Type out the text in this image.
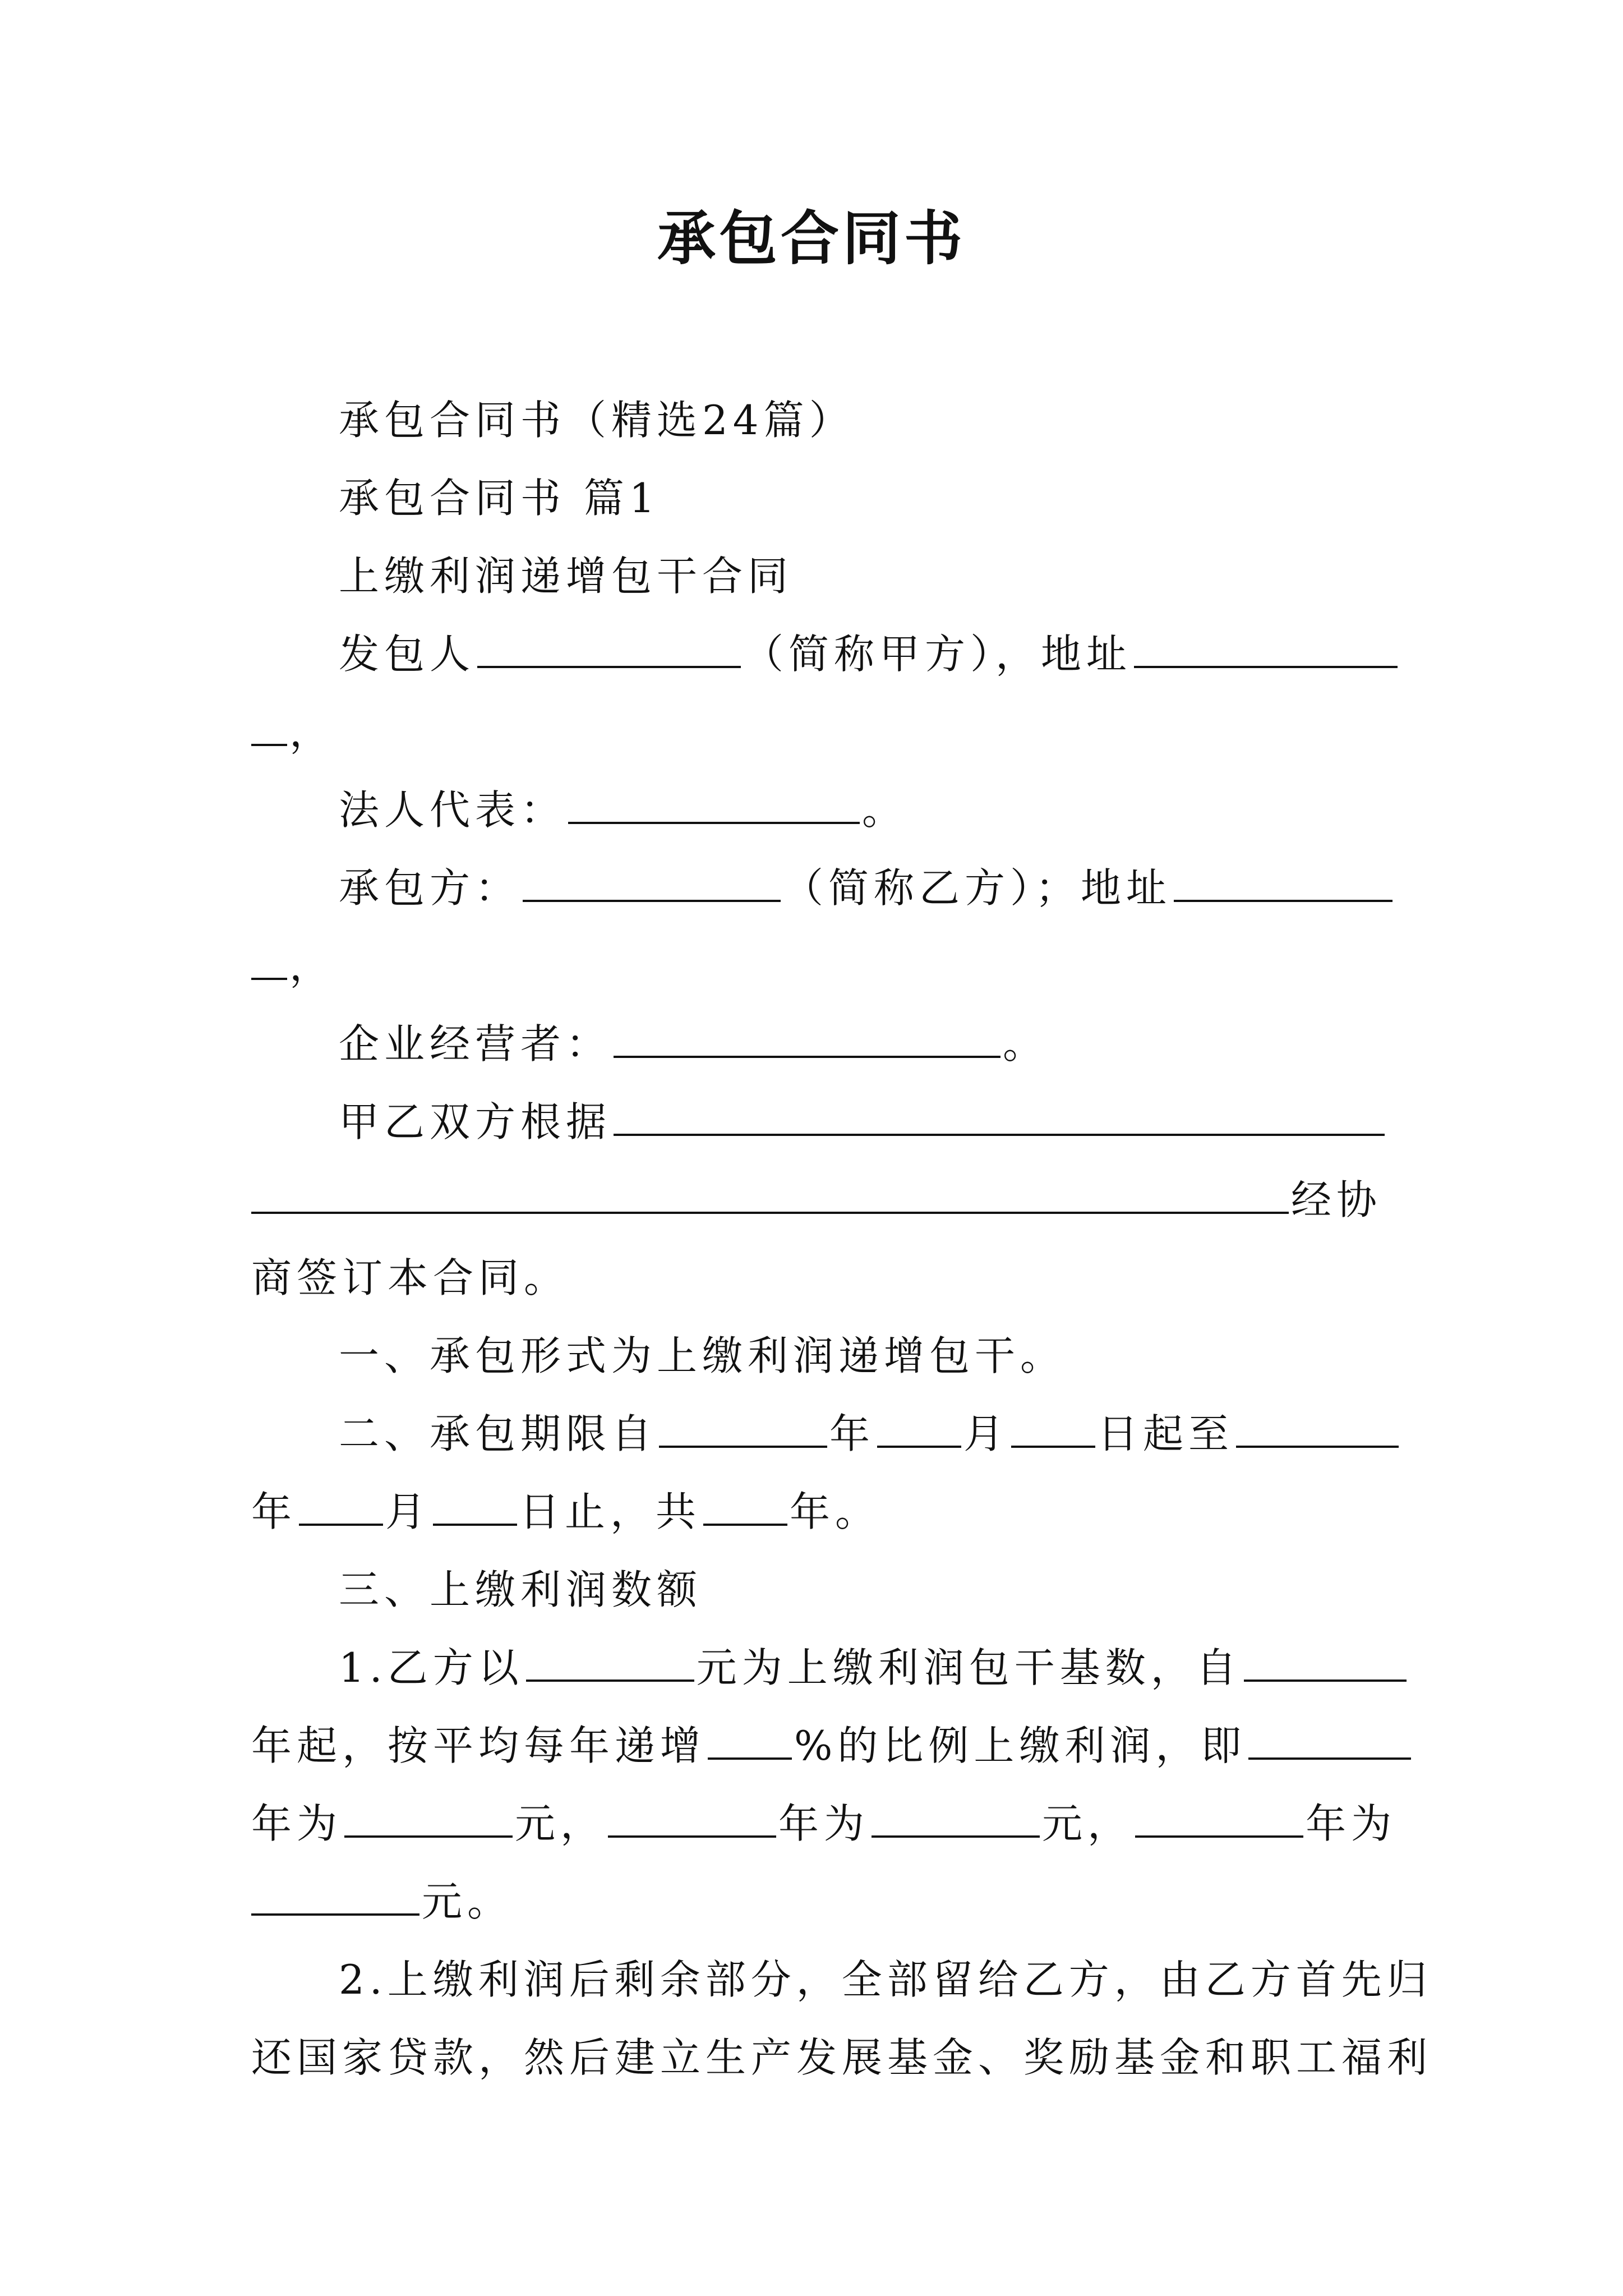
承包合同书
承包合同书（精选24篇）
承包合同书 篇1
上缴利润递增包干合同
发包人	（简称甲方），地址
，
法人代表：	。
承包方：	（简称乙方）；地址
，
企业经营者：	。
甲乙双方根据
经协
商签订本合同。
一、承包形式为上缴利润递增包干。
二、承包期限自	年 月 日起至
年 月 日止，共 年。
三、上缴利润数额
1.乙方以	元为上缴利润包干基数，自
年起，按平均每年递增 %的比例上缴利润，即
年为	元，	年为	元，	年为
元。
2.上缴利润后剩余部分，全部留给乙方，由乙方首先归
还国家贷款，然后建立生产发展基金、奖励基金和职工福利
